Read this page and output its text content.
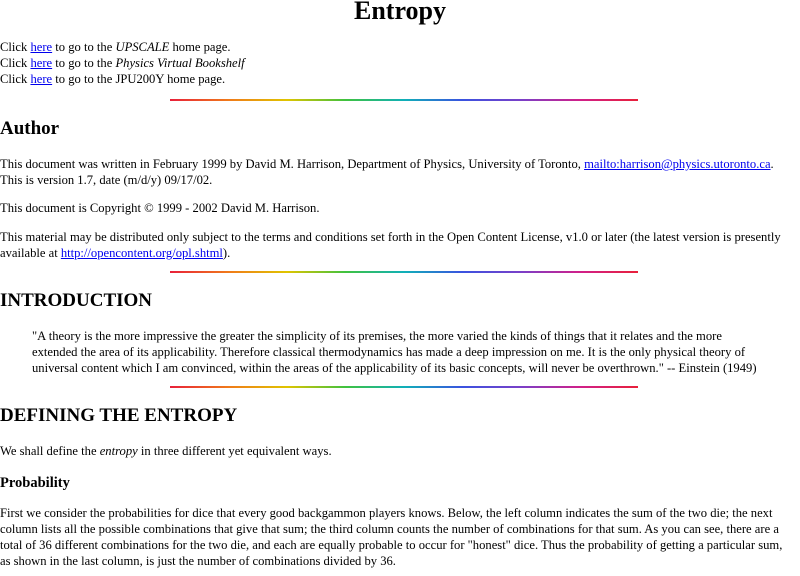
Entropy
Click here to go to the UPSCALE home page.
Click here to go to the Physics Virtual Bookshelf
Click here to go to the JPU200Y home page.
Author
This document was written in February 1999 by David M. Harrison, Department of Physics, University of Toronto, mailto:harrison@physics.utoronto.ca.
This is version 1.7, date (m/d/y) 09/17/02.
This document is Copyright © 1999 - 2002 David M. Harrison.
This material may be distributed only subject to the terms and conditions set forth in the Open Content License, v1.0 or later (the latest version is presently
available at http://opencontent.org/opl.shtml).
INTRODUCTION
"A theory is the more impressive the greater the simplicity of its premises, the more varied the kinds of things that it relates and the more
extended the area of its applicability. Therefore classical thermodynamics has made a deep impression on me. It is the only physical theory of
universal content which I am convinced, within the areas of the applicability of its basic concepts, will never be overthrown." -- Einstein (1949)
DEFINING THE ENTROPY
We shall define the entropy in three different yet equivalent ways.
Probability
First we consider the probabilities for dice that every good backgammon players knows. Below, the left column indicates the sum of the two die; the next
column lists all the possible combinations that give that sum; the third column counts the number of combinations for that sum. As you can see, there are a
total of 36 different combinations for the two die, and each are equally probable to occur for "honest" dice. Thus the probability of getting a particular sum,
as shown in the last column, is just the number of combinations divided by 36.
